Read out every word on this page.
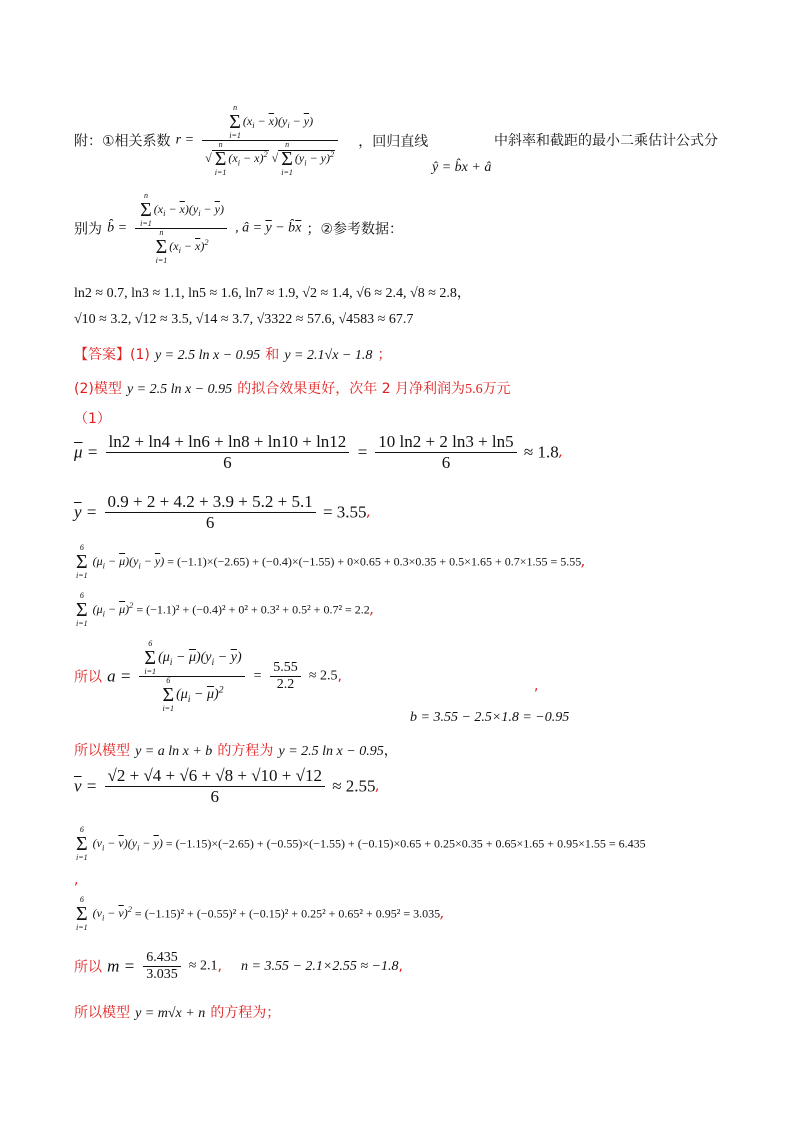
附：①相关系数 r = n
Σ
i=1
$(x_i - \overline{x})(y_i - \overline{y})$
√
n
Σ
i=1
$(x_i - \overline{x})^2$ √
n
Σ
i=1
$(y_i - \overline{y})^2$ ，回归直线	中斜率和截距的最小二乘估计公式分
ŷ = b̂x + â
别为 b̂ = n
Σ
i=1
$(x_i - \overline{x})(y_i - \overline{y})$
n
Σ
i=1
$(x_i - \overline{x})^2$ , â = $\overline{y}$ − $b̂\overline{x}$ ；②参考数据：
ln2 ≈ 0.7, ln3 ≈ 1.1, ln5 ≈ 1.6, ln7 ≈ 1.9, √2 ≈ 1.4, √6 ≈ 2.4, √8 ≈ 2.8，
√10 ≈ 3.2, √12 ≈ 3.5, √14 ≈ 3.7, √3322 ≈ 57.6, √4583 ≈ 67.7
【答案】(1) y = 2.5 ln x − 0.95 和 y = 2.1√x − 1.8 ；
(2)模型 y = 2.5 ln x − 0.95 的拟合效果更好，次年 2 月净利润为5.6万元
（1）
$\overline{\mu} = \frac{\ln 2 + \ln 4 + \ln 6 + \ln 8 + \ln 10 + \ln 12}{6} = \frac{10 \ln 2 + 2 \ln 3 + \ln 5}{6} \approx 1.8$,
$\overline{y} = \frac{0.9 + 2 + 4.2 + 3.9 + 5.2 + 5.1}{6} = 3.55$,
6
Σ
i=1
$(\mu_i - \overline{\mu})(y_i - \overline{y}) = (-1.1)\times(-2.65) + (-0.4)\times(-1.55) + 0\times 0.65 + 0.3\times 0.35 + 0.5\times 1.65 + 0.7\times 1.55 = 5.55$,
6
Σ
i=1
$(\mu_i - \overline{\mu})^2 = (-1.1)^2 + (-0.4)^2 + 0^2 + 0.3^2 + 0.5^2 + 0.7^2 = 2.2$,
所以 a = 6
Σ
i=1
$(\mu_i - \overline{\mu})(y_i - \overline{y})$
6
Σ
i=1
$(\mu_i - \overline{\mu})^2 = \frac{5.55}{2.2} \approx 2.5$,
,
b = 3.55 − 2.5×1.8 = −0.95
所以模型 y = a ln x + b 的方程为 y = 2.5 ln x − 0.95，
$\overline{v} = \frac{√2 + √4 + √6 + √8 + √10 + √12}{6} \approx 2.55$,
6
Σ
i=1
$(v_i - \overline{v})(y_i - \overline{y}) = (-1.15)\times(-2.65) + (-0.55)\times(-1.55) + (-0.15)\times 0.65 + 0.25\times 0.35 + 0.65\times 1.65 + 0.95\times 1.55 = 6.435$
,
6
Σ
i=1
$(v_i - \overline{v})^2 = (-1.15)^2 + (-0.55)^2 + (-0.15)^2 + 0.25^2 + 0.65^2 + 0.95^2 = 3.035$,
所以 $m = \frac{6.435}{3.035} \approx 2.1$, n = 3.55 − 2.1×2.55 ≈ −1.8,
所以模型 y = m√x + n 的方程为；
